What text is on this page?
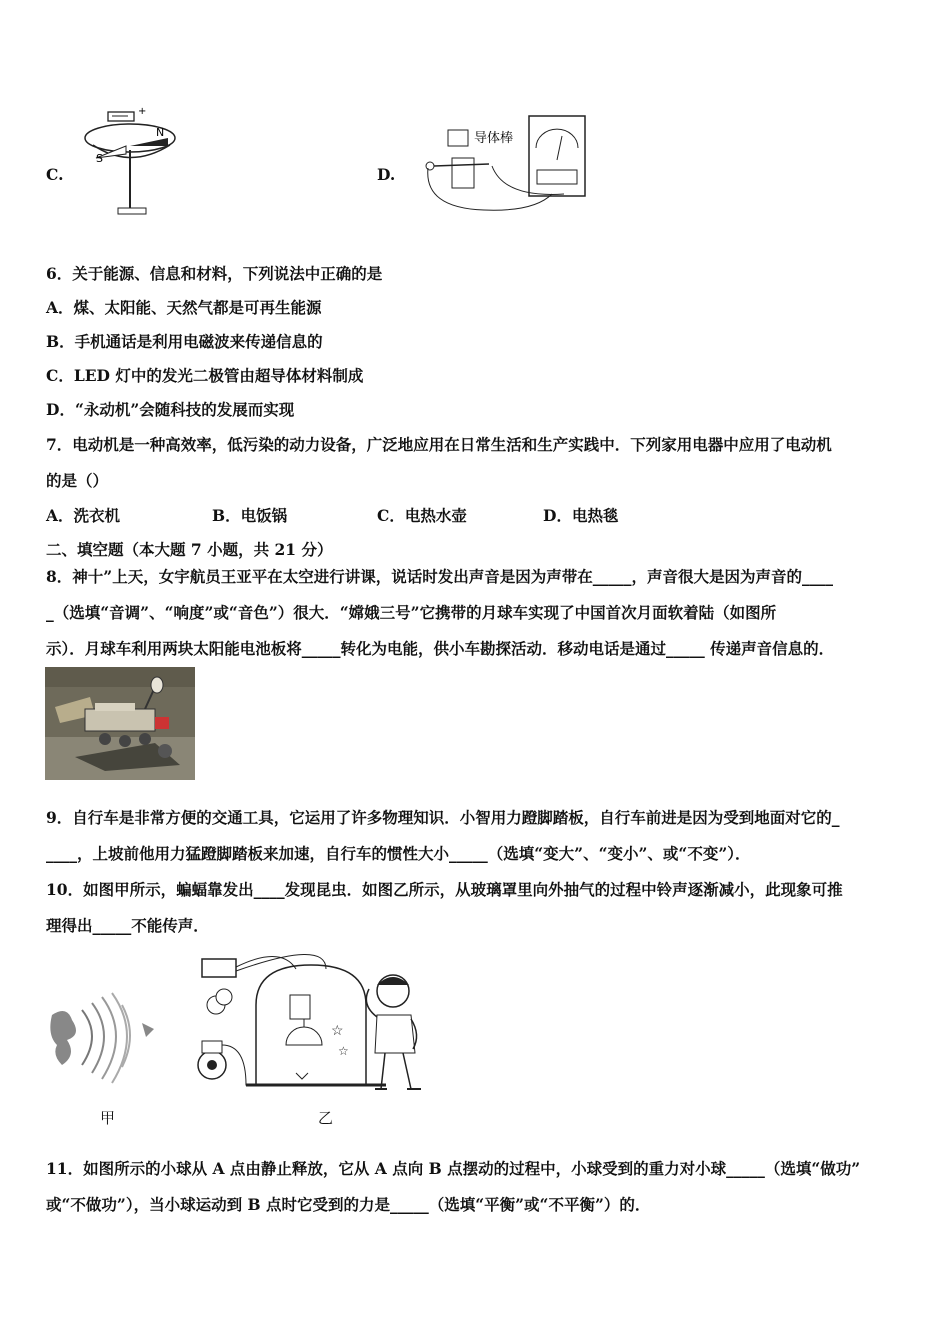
C.
+
S
N
D.
导体棒
6．关于能源、信息和材料，下列说法中正确的是
A．煤、太阳能、天然气都是可再生能源
B．手机通话是利用电磁波来传递信息的
C．LED 灯中的发光二极管由超导体材料制成
D．“永动机”会随科技的发展而实现
7．电动机是一种高效率，低污染的动力设备，广泛地应用在日常生活和生产实践中．下列家用电器中应用了电动机
的是（）
A．洗衣机	B．电饭锅	C．电热水壶	D．电热毯
二、填空题（本大题 7 小题，共 21 分）
8．神十”上天，女宇航员王亚平在太空进行讲课，说话时发出声音是因为声带在_____，声音很大是因为声音的____
_（选填“音调”、“响度”或“音色”）很大．“嫦娥三号”它携带的月球车实现了中国首次月面软着陆（如图所
示）．月球车利用两块太阳能电池板将_____转化为电能，供小车勘探活动．移动电话是通过_____ 传递声音信息的．
9．自行车是非常方便的交通工具，它运用了许多物理知识．小智用力蹬脚踏板，自行车前进是因为受到地面对它的_
____，上坡前他用力猛蹬脚踏板来加速，自行车的惯性大小_____（选填“变大”、“变小”、或“不变”）．
10．如图甲所示，蝙蝠靠发出____发现昆虫．如图乙所示，从玻璃罩里向外抽气的过程中铃声逐渐减小，此现象可推
理得出_____不能传声．
甲
☆
☆
乙
11．如图所示的小球从 A 点由静止释放，它从 A 点向 B 点摆动的过程中，小球受到的重力对小球_____（选填“做功”
或“不做功”），当小球运动到 B 点时它受到的力是_____（选填“平衡”或“不平衡”）的．
